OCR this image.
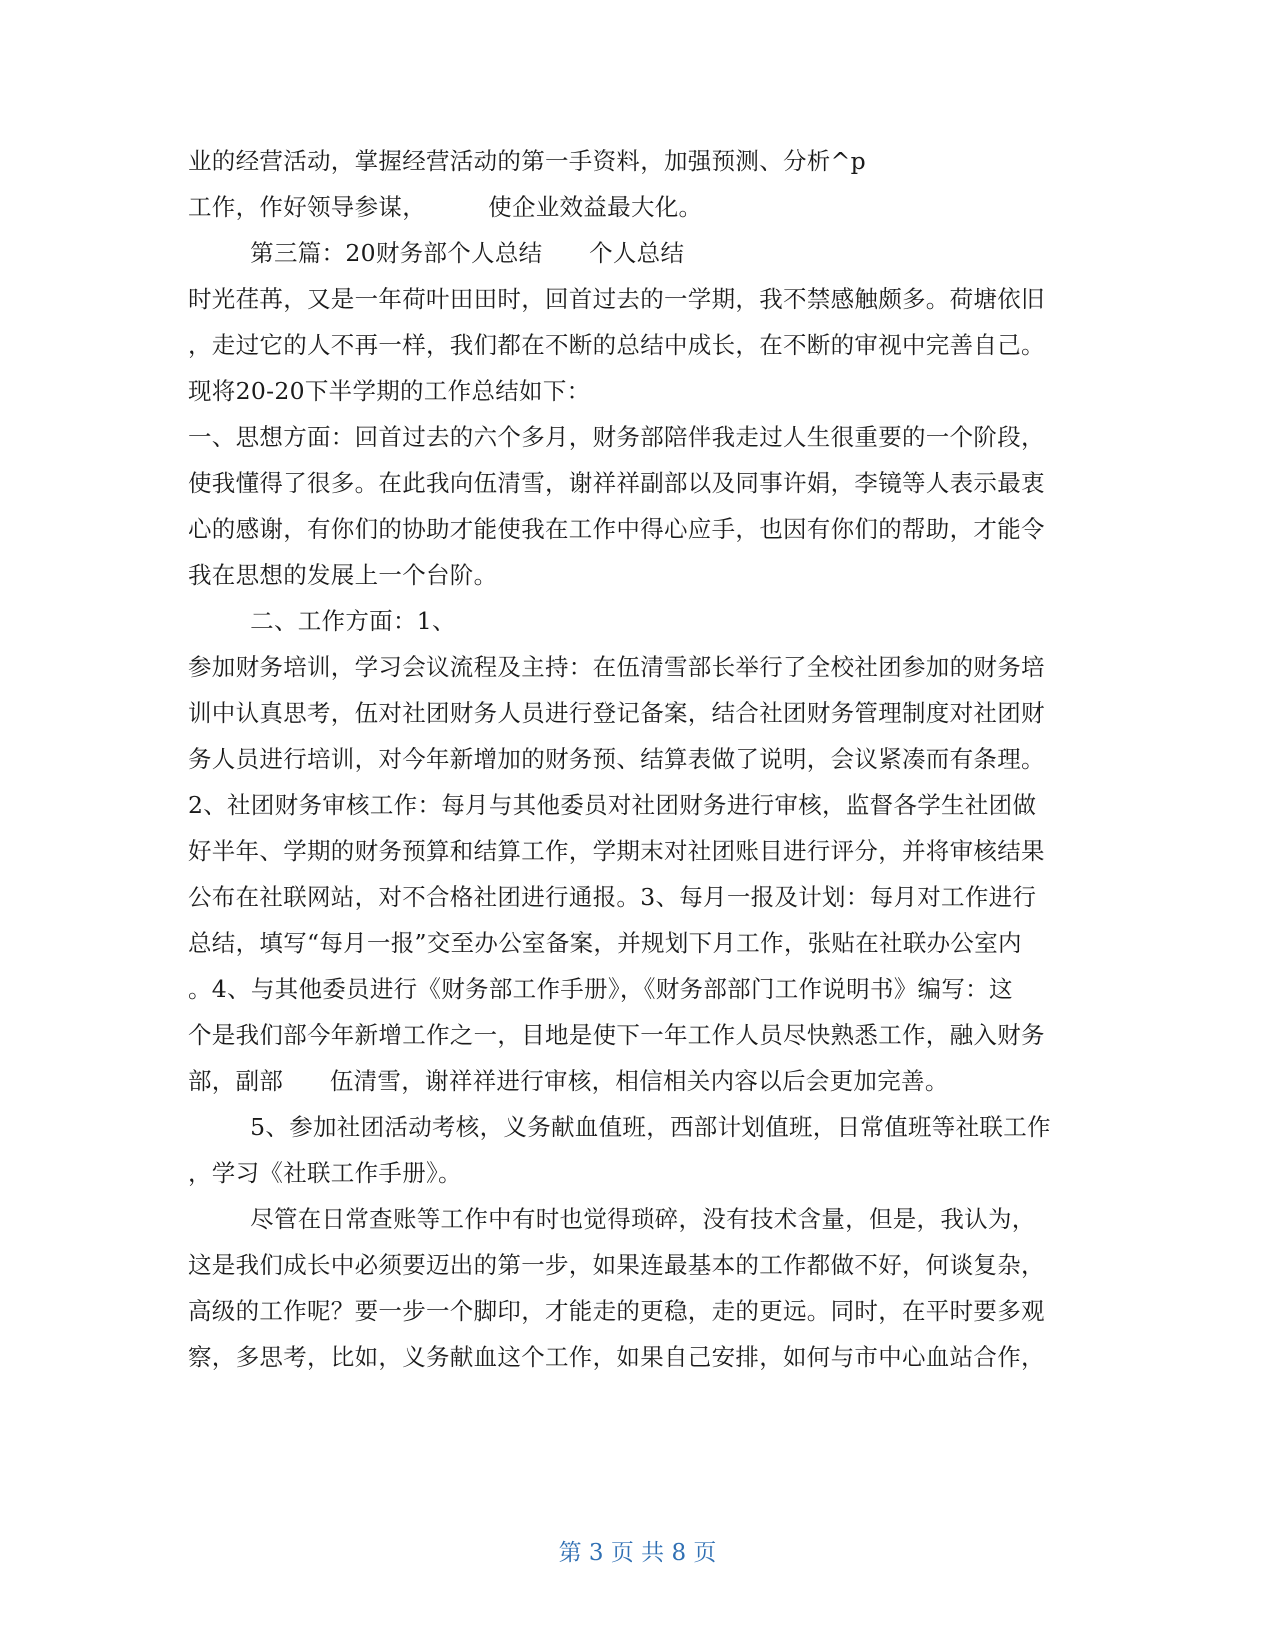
业的经营活动，掌握经营活动的第一手资料，加强预测、分析^p
工作，作好领导参谋，        使企业效益最大化。
第三篇：20财务部个人总结      个人总结
时光荏苒，又是一年荷叶田田时，回首过去的一学期，我不禁感触颇多。荷塘依旧
，走过它的人不再一样，我们都在不断的总结中成长，在不断的审视中完善自己。
现将20-20下半学期的工作总结如下：
一、思想方面：回首过去的六个多月，财务部陪伴我走过人生很重要的一个阶段，
使我懂得了很多。在此我向伍清雪，谢祥祥副部以及同事许娟，李镜等人表示最衷
心的感谢，有你们的协助才能使我在工作中得心应手，也因有你们的帮助，才能令
我在思想的发展上一个台阶。
二、工作方面：1、
参加财务培训，学习会议流程及主持：在伍清雪部长举行了全校社团参加的财务培
训中认真思考，伍对社团财务人员进行登记备案，结合社团财务管理制度对社团财
务人员进行培训，对今年新增加的财务预、结算表做了说明，会议紧凑而有条理。
2、社团财务审核工作：每月与其他委员对社团财务进行审核，监督各学生社团做
好半年、学期的财务预算和结算工作，学期末对社团账目进行评分，并将审核结果
公布在社联网站，对不合格社团进行通报。3、每月一报及计划：每月对工作进行
总结，填写“每月一报”交至办公室备案，并规划下月工作，张贴在社联办公室内
。4、与其他委员进行《财务部工作手册》，《财务部部门工作说明书》编写：这
个是我们部今年新增工作之一，目地是使下一年工作人员尽快熟悉工作，融入财务
部，副部      伍清雪，谢祥祥进行审核，相信相关内容以后会更加完善。
5、参加社团活动考核，义务献血值班，西部计划值班，日常值班等社联工作
，学习《社联工作手册》。
尽管在日常查账等工作中有时也觉得琐碎，没有技术含量，但是，我认为，
这是我们成长中必须要迈出的第一步，如果连最基本的工作都做不好，何谈复杂，
高级的工作呢？要一步一个脚印，才能走的更稳，走的更远。同时，在平时要多观
察，多思考，比如，义务献血这个工作，如果自己安排，如何与市中心血站合作，
第 3 页 共 8 页
